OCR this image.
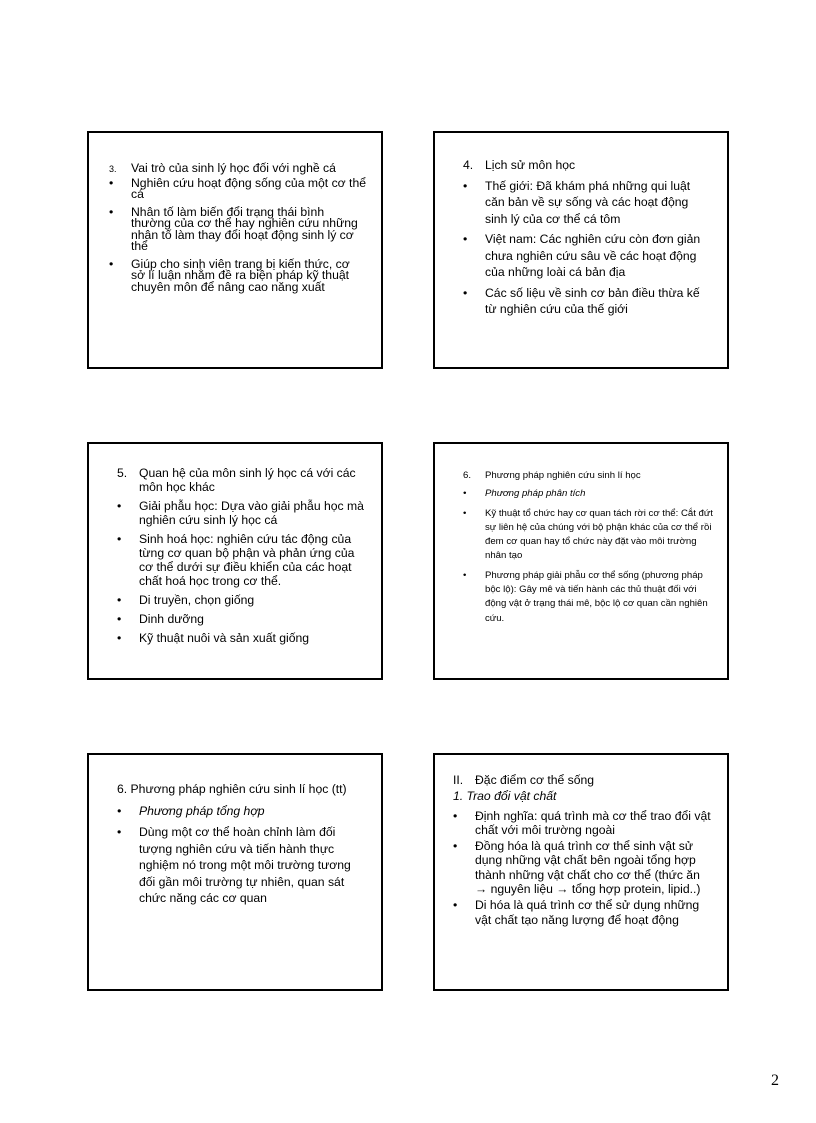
3. Vai trò của sinh lý học đối với nghề cá
• Nghiên cứu hoạt động sống của một cơ thể cá
• Nhân tố làm biến đổi trạng thái bình thường của cơ thể hay nghiên cứu những nhân tố làm thay đổi hoạt động sinh lý cơ thể
• Giúp cho sinh viên trang bị kiến thức, cơ sở lí luận nhằm đề ra biện pháp kỹ thuật chuyên môn để nâng cao năng xuất
4. Lịch sử môn học
• Thế giới: Đã khám phá những qui luật căn bản về sự sống và các hoạt động sinh lý của cơ thể cá tôm
• Việt nam: Các nghiên cứu còn đơn giản chưa nghiên cứu sâu về các hoạt động của những loài cá bản địa
• Các số liệu về sinh cơ bản điều thừa kế từ nghiên cứu của thế giới
5. Quan hệ của môn sinh lý học cá với các môn học khác
• Giải phẫu học: Dựa vào giải phẫu học mà nghiên cứu sinh lý học cá
• Sinh hoá học: nghiên cứu tác động của từng cơ quan bộ phận và phản ứng của cơ thể dưới sự điều khiển của các hoạt chất hoá học trong cơ thể.
• Di truyền, chọn giống
• Dinh dưỡng
• Kỹ thuật nuôi và sản xuất giống
6. Phương pháp nghiên cứu sinh lí học
• Phương pháp phân tích
• Kỹ thuật tổ chức hay cơ quan tách rời cơ thể: Cắt đứt sự liên hệ của chúng với bộ phận khác của cơ thể rồi đem cơ quan hay tổ chức này đặt vào môi trường nhân tạo
• Phương pháp giải phẫu cơ thể sống (phương pháp bộc lộ): Gây mê và tiến hành các thủ thuật đối với động vật ở trạng thái mê, bộc lộ cơ quan cần nghiên cứu.
6. Phương pháp nghiên cứu sinh lí học (tt)
• Phương pháp tổng hợp
• Dùng một cơ thể hoàn chỉnh làm đối tượng nghiên cứu và tiến hành thực nghiệm nó trong một môi trường tương đối gần môi trường tự nhiên, quan sát chức năng các cơ quan
II. Đặc điểm cơ thể sống
1. Trao đổi vật chất
• Định nghĩa: quá trình mà cơ thể trao đổi vật chất với môi trường ngoài
• Đồng hóa là quá trình cơ thể sinh vật sử dụng những vật chất bên ngoài tổng hợp thành những vật chất cho cơ thể (thức ăn → nguyên liệu → tổng hợp protein, lipid..)
• Di hóa là quá trình cơ thể sử dụng những vật chất tạo năng lượng để hoạt động
2
